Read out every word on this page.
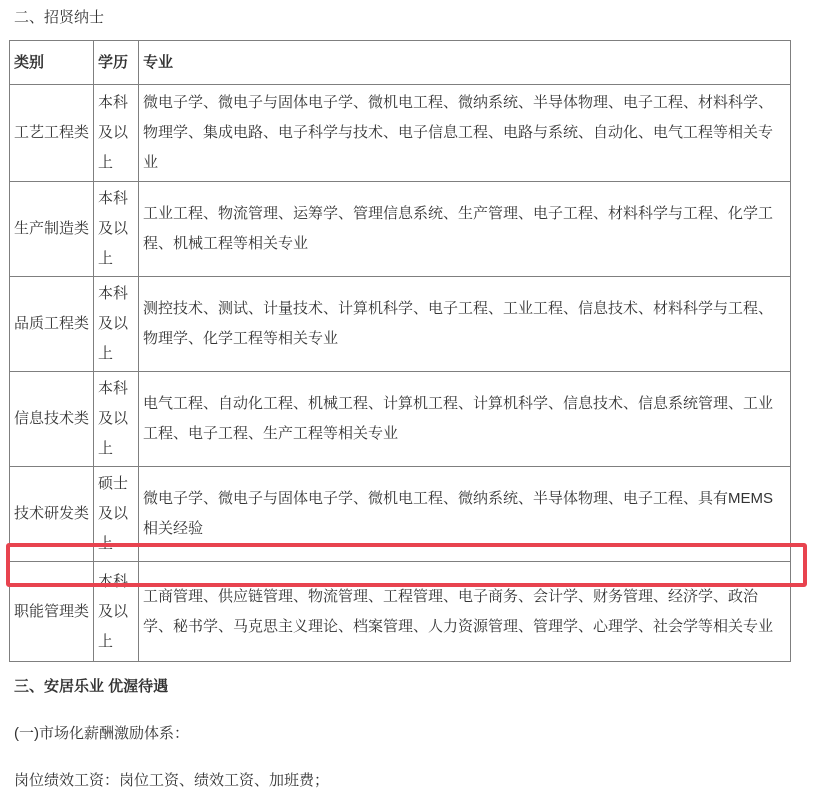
二、招贤纳士
类别	学历	专业
工艺工程类	本科及以上	微电子学、微电子与固体电子学、微机电工程、微纳系统、半导体物理、电子工程、材料科学、物理学、集成电路、电子科学与技术、电子信息工程、电路与系统、自动化、电气工程等相关专业
生产制造类	本科及以上	工业工程、物流管理、运筹学、管理信息系统、生产管理、电子工程、材料科学与工程、化学工程、机械工程等相关专业
品质工程类	本科及以上	测控技术、测试、计量技术、计算机科学、电子工程、工业工程、信息技术、材料科学与工程、物理学、化学工程等相关专业
信息技术类	本科及以上	电气工程、自动化工程、机械工程、计算机工程、计算机科学、信息技术、信息系统管理、工业工程、电子工程、生产工程等相关专业
技术研发类	硕士及以上	微电子学、微电子与固体电子学、微机电工程、微纳系统、半导体物理、电子工程、具有MEMS相关经验
职能管理类	本科及以上	工商管理、供应链管理、物流管理、工程管理、电子商务、会计学、财务管理、经济学、政治学、秘书学、马克思主义理论、档案管理、人力资源管理、管理学、心理学、社会学等相关专业
三、安居乐业 优渥待遇

(一)市场化薪酬激励体系：

岗位绩效工资：岗位工资、绩效工资、加班费；
